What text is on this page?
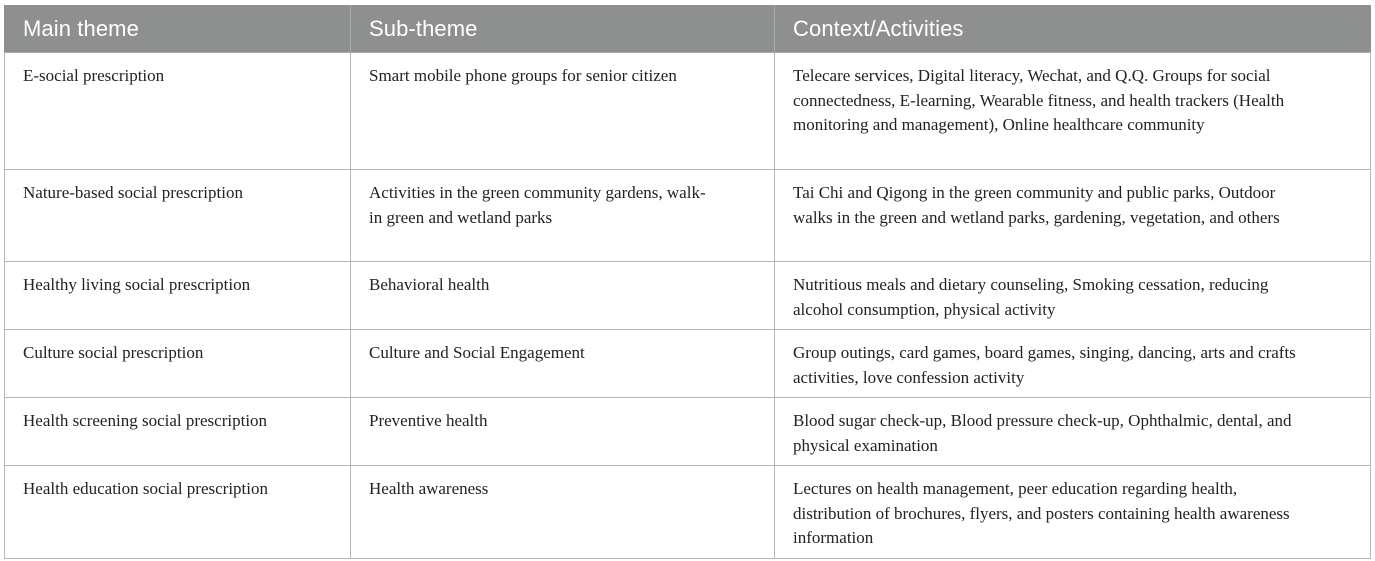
Main theme	Sub-theme	Context/Activities
E-social prescription	Smart mobile phone groups for senior citizen	Telecare services, Digital literacy, Wechat, and Q.Q. Groups for social connectedness, E-learning, Wearable fitness, and health trackers (Health monitoring and management), Online healthcare community
Nature-based social prescription	Activities in the green community gardens, walk-in green and wetland parks	Tai Chi and Qigong in the green community and public parks, Outdoor walks in the green and wetland parks, gardening, vegetation, and others
Healthy living social prescription	Behavioral health	Nutritious meals and dietary counseling, Smoking cessation, reducing alcohol consumption, physical activity
Culture social prescription	Culture and Social Engagement	Group outings, card games, board games, singing, dancing, arts and crafts activities, love confession activity
Health screening social prescription	Preventive health	Blood sugar check-up, Blood pressure check-up, Ophthalmic, dental, and physical examination
Health education social prescription	Health awareness	Lectures on health management, peer education regarding health, distribution of brochures, flyers, and posters containing health awareness information
